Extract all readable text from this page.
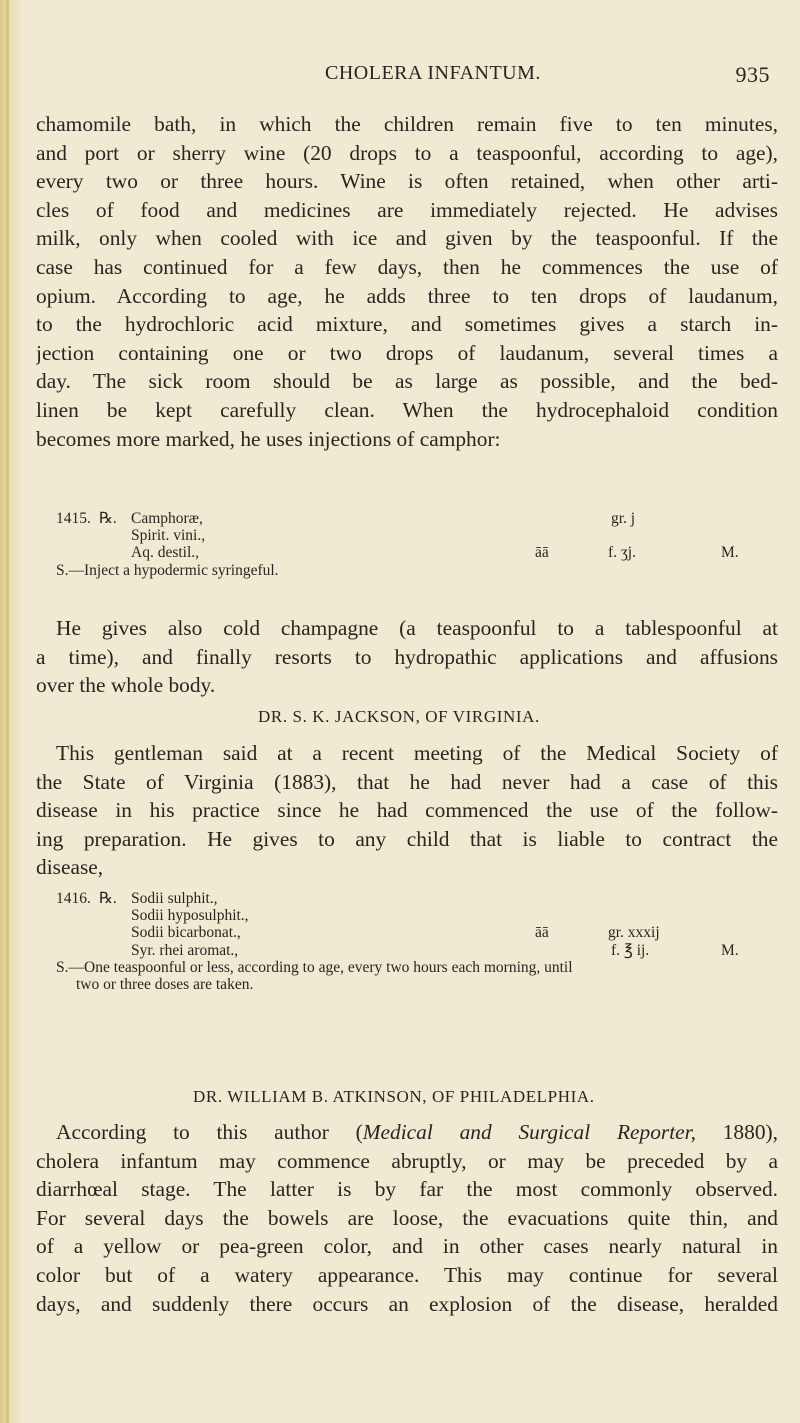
CHOLERA INFANTUM.	935
chamomile bath, in which the children remain five to ten minutes,
and port or sherry wine (20 drops to a teaspoonful, according to age),
every two or three hours. Wine is often retained, when other arti-
cles of food and medicines are immediately rejected. He advises
milk, only when cooled with ice and given by the teaspoonful. If the
case has continued for a few days, then he commences the use of
opium. According to age, he adds three to ten drops of laudanum,
to the hydrochloric acid mixture, and sometimes gives a starch in-
jection containing one or two drops of laudanum, several times a
day. The sick room should be as large as possible, and the bed-
linen be kept carefully clean. When the hydrocephaloid condition
becomes more marked, he uses injections of camphor:
1415. ℞. Camphoræ,	gr. j
Spirit. vini.,
Aq. destil.,	āā	f. ʒj.	M.
S.—Inject a hypodermic syringeful.
He gives also cold champagne (a teaspoonful to a tablespoonful at
a time), and finally resorts to hydropathic applications and affusions
over the whole body.
DR. S. K. JACKSON, OF VIRGINIA.
This gentleman said at a recent meeting of the Medical Society of
the State of Virginia (1883), that he had never had a case of this
disease in his practice since he had commenced the use of the follow-
ing preparation. He gives to any child that is liable to contract the
disease,
1416. ℞. Sodii sulphit.,
Sodii hyposulphit.,
Sodii bicarbonat.,	āā	gr. xxxij
Syr. rhei aromat.,	f. ℥ ij.	M.
S.—One teaspoonful or less, according to age, every two hours each morning, until
two or three doses are taken.
DR. WILLIAM B. ATKINSON, OF PHILADELPHIA.
According to this author (Medical and Surgical Reporter, 1880),
cholera infantum may commence abruptly, or may be preceded by a
diarrhœal stage. The latter is by far the most commonly observed.
For several days the bowels are loose, the evacuations quite thin, and
of a yellow or pea-green color, and in other cases nearly natural in
color but of a watery appearance. This may continue for several
days, and suddenly there occurs an explosion of the disease, heralded
